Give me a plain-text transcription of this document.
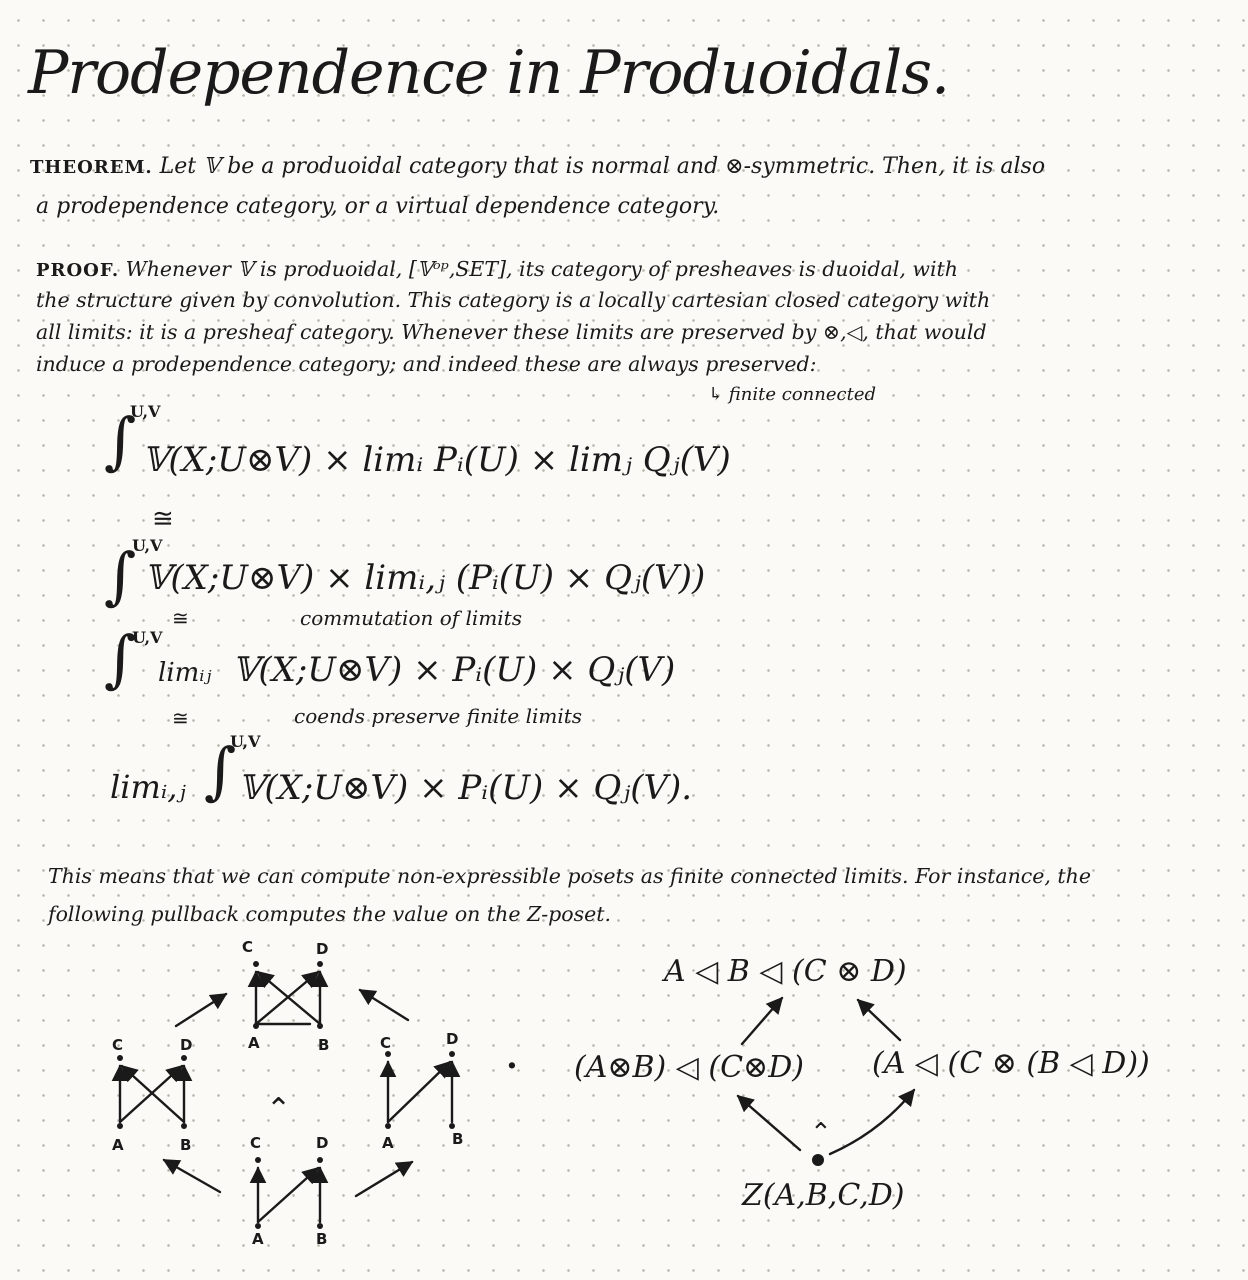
Prodependence in Produoidals.
THEOREM. Let 𝕍 be a produoidal category that is normal and ⊗-symmetric. Then, it is also
a prodependence category, or a virtual dependence category.
PROOF. Whenever 𝕍 is produoidal, [𝕍ᵒᵖ,SET], its category of presheaves is duoidal, with
the structure given by convolution. This category is a locally cartesian closed category with
all limits: it is a presheaf category. Whenever these limits are preserved by ⊗,◁, that would
induce a prodependence category; and indeed these are always preserved:
↳ finite connected
∫
U,V
𝕍(X;U⊗V) × limᵢ Pᵢ(U) × limⱼ Qⱼ(V)
≅
∫
U,V
𝕍(X;U⊗V) × limᵢ,ⱼ (Pᵢ(U) × Qⱼ(V))
≅	commutation of limits
∫
U,V
limᵢⱼ 𝕍(X;U⊗V) × Pᵢ(U) × Qⱼ(V)
≅	coends preserve finite limits
limᵢ,ⱼ ∫
U,V
𝕍(X;U⊗V) × Pᵢ(U) × Qⱼ(V).
This means that we can compute non-expressible posets as finite connected limits. For instance, the
following pullback computes the value on the Z-poset.
C	D
A	B
C	D
A	B
C	D
A	B
C	D
A	B
⌃
·
A ◁ B ◁ (C ⊗ D)
(A⊗B) ◁ (C⊗D) (A ◁ (C ⊗ (B ◁ D))
⌃
Z(A,B,C,D)
